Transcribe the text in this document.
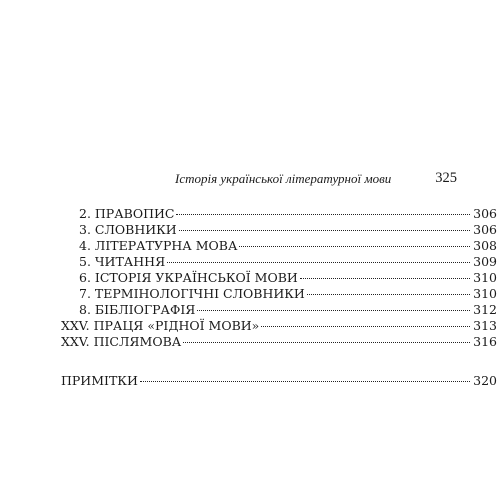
Історія української літературної мови	325
2. ПРАВОПИС	306
3. СЛОВНИКИ	306
4. ЛІТЕРАТУРНА МОВА	308
5. ЧИТАННЯ	309
6. ІСТОРІЯ УКРАЇНСЬКОЇ МОВИ	310
7. ТЕРМІНОЛОГІЧНІ СЛОВНИКИ	310
8. БІБЛІОГРАФІЯ	312
XXV. ПРАЦЯ «РІДНОЇ МОВИ»	313
XXV. ПІСЛЯМОВА	316
ПРИМІТКИ	320
